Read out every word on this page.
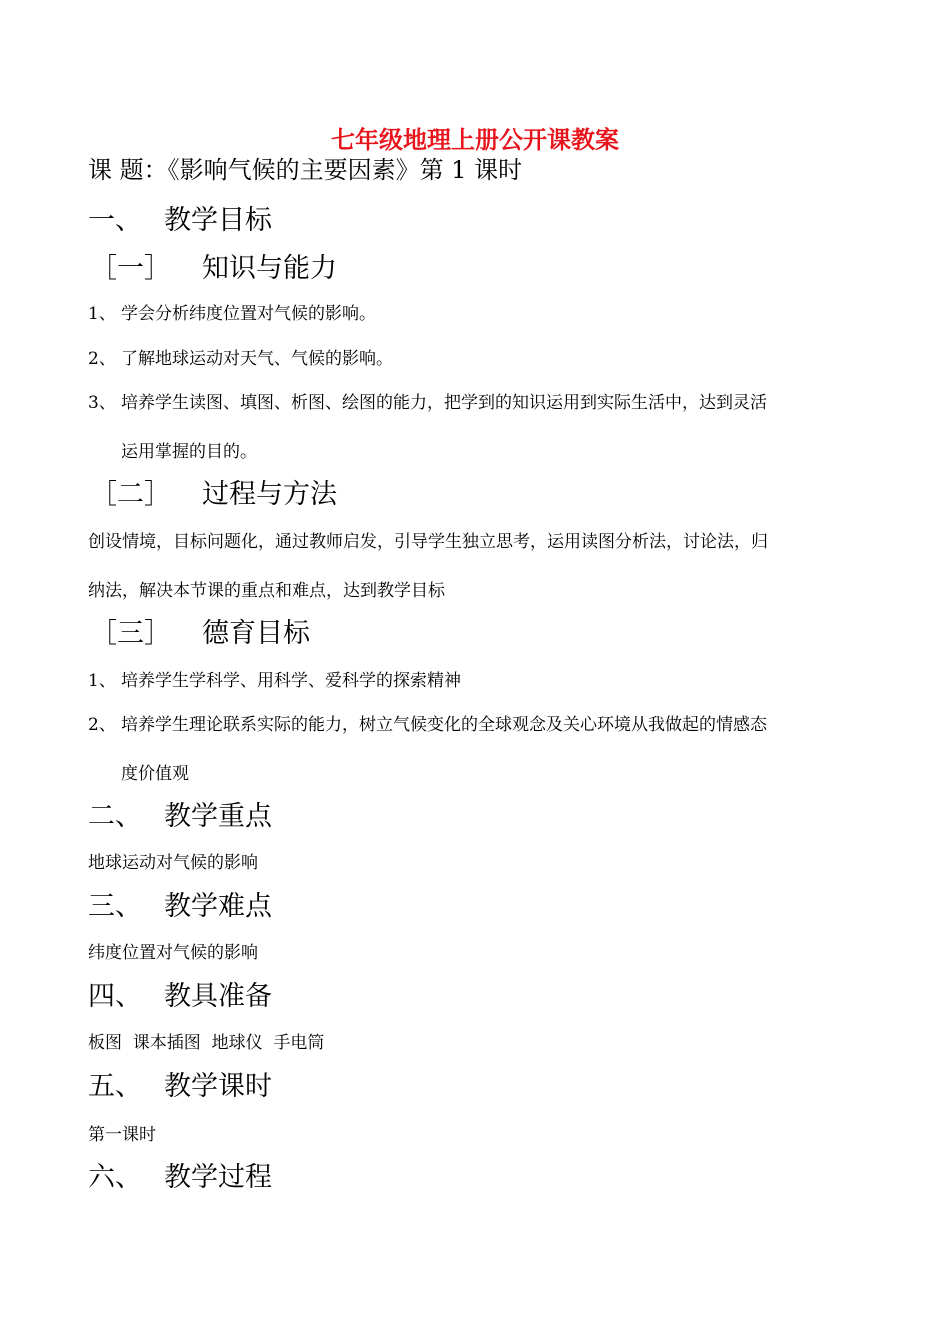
七年级地理上册公开课教案
课 题：《影响气候的主要因素》第 1 课时
一、 教学目标
［一］ 知识与能力
1、 学会分析纬度位置对气候的影响。
2、 了解地球运动对天气、气候的影响。
3、 培养学生读图、填图、析图、绘图的能力，把学到的知识运用到实际生活中，达到灵活
运用掌握的目的。
［二］ 过程与方法
创设情境，目标问题化，通过教师启发，引导学生独立思考，运用读图分析法，讨论法，归
纳法，解决本节课的重点和难点，达到教学目标
［三］ 德育目标
1、 培养学生学科学、用科学、爱科学的探索精神
2、 培养学生理论联系实际的能力，树立气候变化的全球观念及关心环境从我做起的情感态
度价值观
二、 教学重点
地球运动对气候的影响
三、 教学难点
纬度位置对气候的影响
四、 教具准备
板图  课本插图  地球仪  手电筒
五、 教学课时
第一课时
六、 教学过程
